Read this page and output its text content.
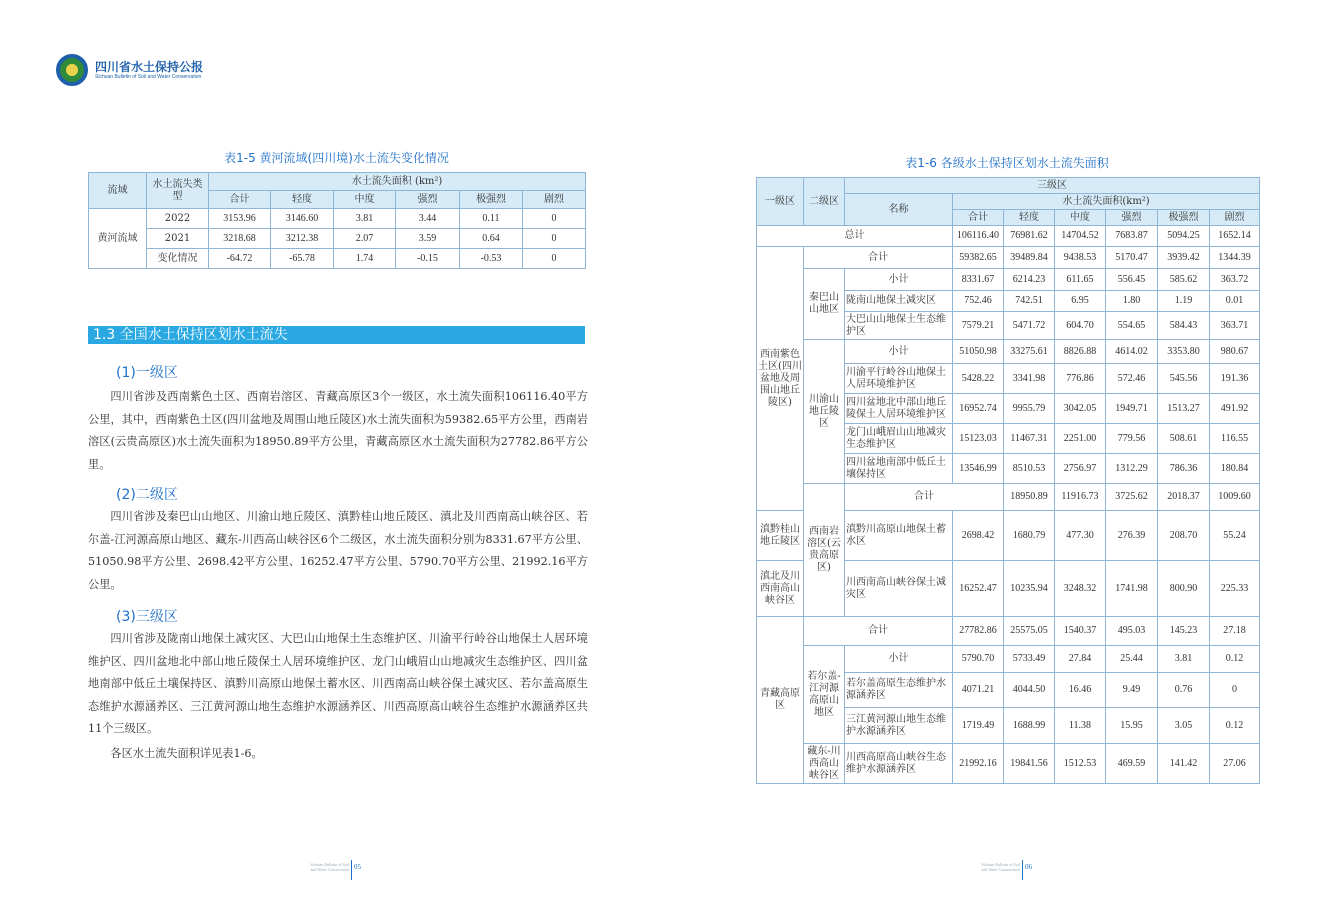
四川省水土保持公报
Sichuan Bulletin of Soil and Water Conservation
表1-5 黄河流域(四川境)水土流失变化情况
流域	水土流失类型	水土流失面积 (km²)					
		合计	轻度	中度	强烈	极强烈	剧烈
黄河流域	2022	3153.96	3146.60	3.81	3.44	0.11	0
	2021	3218.68	3212.38	2.07	3.59	0.64	0
	变化情况	-64.72	-65.78	1.74	-0.15	-0.53	0
1.3 全国水土保持区划水土流失
(1)一级区
四川省涉及西南紫色土区、西南岩溶区、青藏高原区3个一级区，水土流失面积106116.40平方公里，其中，西南紫色土区(四川盆地及周围山地丘陵区)水土流失面积为59382.65平方公里，西南岩溶区(云贵高原区)水土流失面积为18950.89平方公里，青藏高原区水土流失面积为27782.86平方公里。
(2)二级区
四川省涉及秦巴山山地区、川渝山地丘陵区、滇黔桂山地丘陵区、滇北及川西南高山峡谷区、若尔盖-江河源高原山地区、藏东-川西高山峡谷区6个二级区，水土流失面积分别为8331.67平方公里、51050.98平方公里、2698.42平方公里、16252.47平方公里、5790.70平方公里、21992.16平方公里。
(3)三级区
四川省涉及陇南山地保土减灾区、大巴山山地保土生态维护区、川渝平行岭谷山地保土人居环境维护区、四川盆地北中部山地丘陵保土人居环境维护区、龙门山峨眉山山地减灾生态维护区、四川盆地南部中低丘土壤保持区、滇黔川高原山地保土蓄水区、川西南高山峡谷保土减灾区、若尔盖高原生态维护水源涵养区、三江黄河源山地生态维护水源涵养区、川西高原高山峡谷生态维护水源涵养区共11个三级区。
各区水土流失面积详见表1-6。
表1-6 各级水土保持区划水土流失面积
一级区	二级区	三级区							
		名称	水土流失面积(km²)						
			合计	轻度	中度	强烈	极强烈	剧烈	
总计			106116.40	76981.62	14704.52	7683.87	5094.25	1652.14	
西南紫色土区(四川盆地及周围山地丘陵区)	合计		59382.65	39489.84	9438.53	5170.47	3939.42	1344.39	
	秦巴山山地区	小计	8331.67	6214.23	611.65	556.45	585.62	363.72	
		陇南山地保土减灾区	752.46	742.51	6.95	1.80	1.19	0.01	
		大巴山山地保土生态维护区	7579.21	5471.72	604.70	554.65	584.43	363.71	
	川渝山地丘陵区	小计	51050.98	33275.61	8826.88	4614.02	3353.80	980.67	
		川渝平行岭谷山地保土人居环境维护区	5428.22	3341.98	776.86	572.46	545.56	191.36	
		四川盆地北中部山地丘陵保土人居环境维护区	16952.74	9955.79	3042.05	1949.71	1513.27	491.92	
		龙门山峨眉山山地减灾生态维护区	15123.03	11467.31	2251.00	779.56	508.61	116.55	
		四川盆地南部中低丘土壤保持区	13546.99	8510.53	2756.97	1312.29	786.36	180.84	
	西南岩溶区(云贵高原区)	合计		18950.89	11916.73	3725.62	2018.37	1009.60	
滇黔桂山地丘陵区		滇黔川高原山地保土蓄水区	2698.42	1680.79	477.30	276.39	208.70	55.24	
滇北及川西南高山峡谷区		川西南高山峡谷保土减灾区	16252.47	10235.94	3248.32	1741.98	800.90	225.33	
青藏高原区	合计		27782.86	25575.05	1540.37	495.03	145.23	27.18	
	若尔盖-江河源高原山地区	小计	5790.70	5733.49	27.84	25.44	3.81	0.12	
		若尔盖高原生态维护水源涵养区	4071.21	4044.50	16.46	9.49	0.76	0	
		三江黄河源山地生态维护水源涵养区	1719.49	1688.99	11.38	15.95	3.05	0.12	
	藏东-川西高山峡谷区	川西高原高山峡谷生态维护水源涵养区	21992.16	19841.56	1512.53	469.59	141.42	27.06	
Sichuan Bulletin of Soil and Water Conservation 05	Sichuan Bulletin of Soil and Water Conservation 06
